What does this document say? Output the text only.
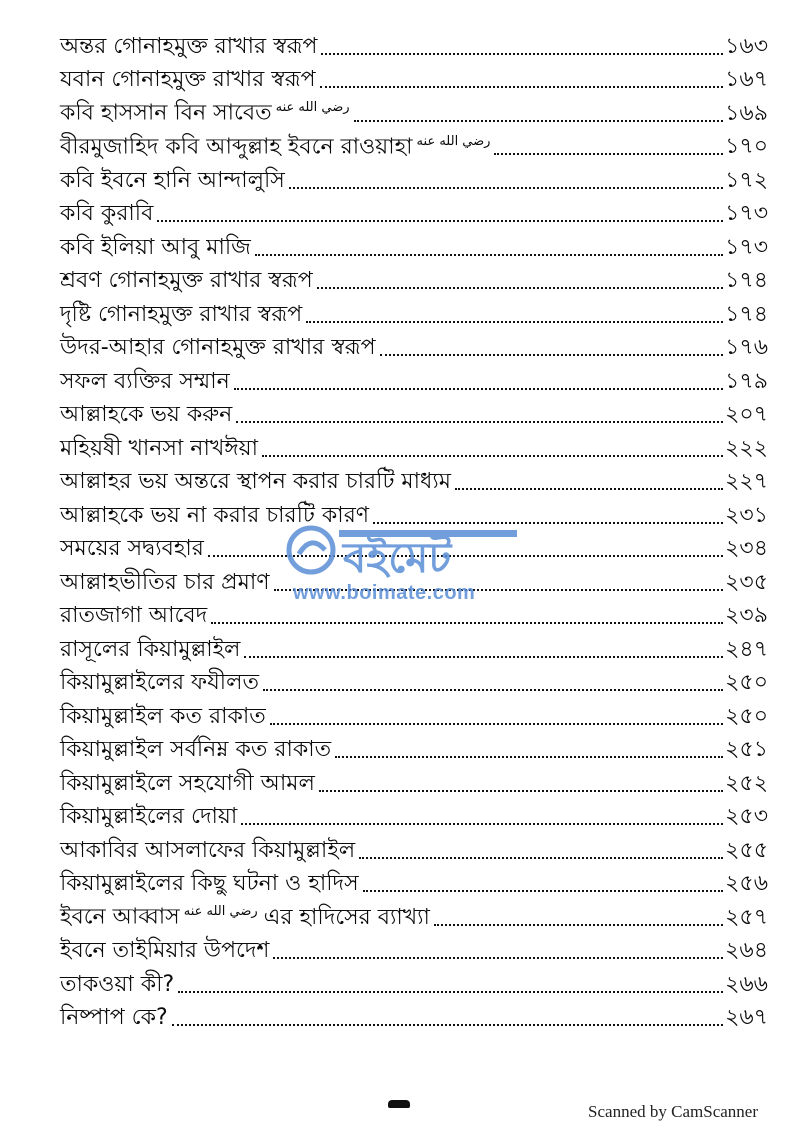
অন্তর গোনাহমুক্ত রাখার স্বরূপ	১৬৩
যবান গোনাহমুক্ত রাখার স্বরূপ	১৬৭
কবি হাসসান বিন সাবেত $^{رضي الله عنه}$	১৬৯
বীরমুজাহিদ কবি আব্দুল্লাহ ইবনে রাওয়াহা $^{رضي الله عنه}$	১৭০
কবি ইবনে হানি আন্দালুসি	১৭২
কবি কুরাবি	১৭৩
কবি ইলিয়া আবু মাজি	১৭৩
শ্রবণ গোনাহমুক্ত রাখার স্বরূপ	১৭৪
দৃষ্টি গোনাহমুক্ত রাখার স্বরূপ	১৭৪
উদর-আহার গোনাহমুক্ত রাখার স্বরূপ	১৭৬
সফল ব্যক্তির সম্মান	১৭৯
আল্লাহকে ভয় করুন	২০৭
মহিয়ষী খানসা নাখঈয়া	২২২
আল্লাহর ভয় অন্তরে স্থাপন করার চারটি মাধ্যম	২২৭
আল্লাহকে ভয় না করার চারটি কারণ	২৩১
সময়ের সদ্ব্যবহার	২৩৪
আল্লাহভীতির চার প্রমাণ	২৩৫
রাতজাগা আবেদ	২৩৯
রাসূলের কিয়ামুল্লাইল	২৪৭
কিয়ামুল্লাইলের ফযীলত	২৫০
কিয়ামুল্লাইল কত রাকাত	২৫০
কিয়ামুল্লাইল সর্বনিম্ন কত রাকাত	২৫১
কিয়ামুল্লাইলে সহযোগী আমল	২৫২
কিয়ামুল্লাইলের দোয়া	২৫৩
আকাবির আসলাফের কিয়ামুল্লাইল	২৫৫
কিয়ামুল্লাইলের কিছু ঘটনা ও হাদিস	২৫৬
ইবনে আব্বাস $^{رضي الله عنه}$ এর হাদিসের ব্যাখ্যা	২৫৭
ইবনে তাইমিয়ার উপদেশ	২৬৪
তাকওয়া কী?	২৬৬
নিষ্পাপ কে?	২৬৭
বইমেট
www.boimate.com
Scanned by CamScanner
